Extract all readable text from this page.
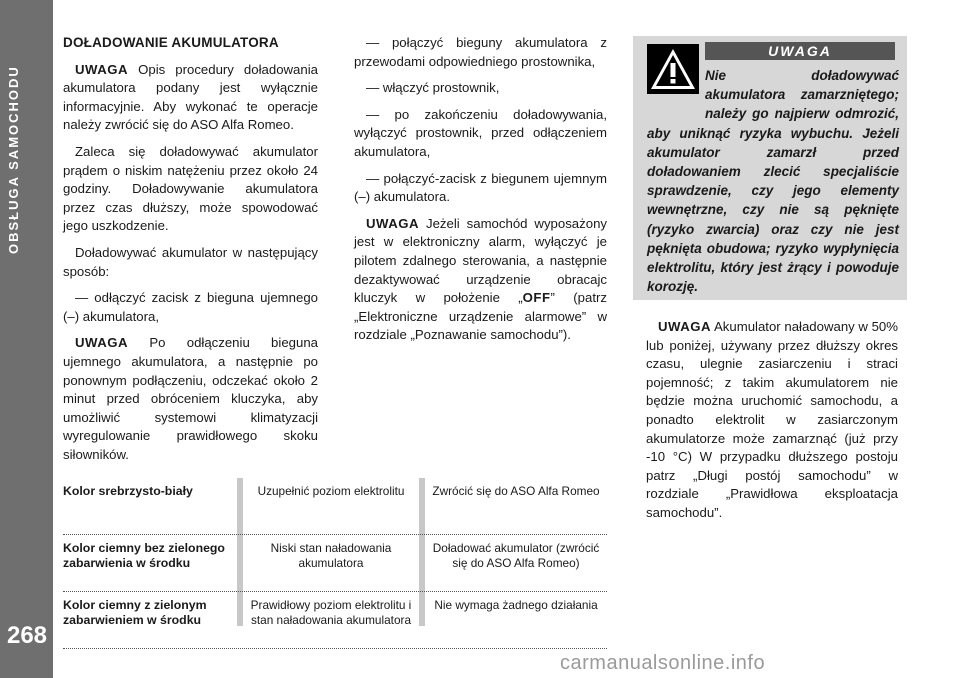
OBSŁUGA SAMOCHODU
268

DOŁADOWANIE AKUMULATORA

UWAGA Opis procedury doładowania akumulatora podany jest wyłącznie informacyjnie. Aby wykonać te operacje należy zwrócić się do ASO Alfa Romeo.

Zaleca się doładowywać akumulator prądem o niskim natężeniu przez około 24 godziny. Doładowywanie akumulatora przez czas dłuższy, może spowodować jego uszkodzenie.

Doładowywać akumulator w następujący sposób:

— odłączyć zacisk z bieguna ujemnego (–) akumulatora,

UWAGA Po odłączeniu bieguna ujemnego akumulatora, a następnie po ponownym podłączeniu, odczekać około 2 minut przed obróceniem kluczyka, aby umożliwić systemowi klimatyzacji wyregulowanie prawidłowego skoku siłowników.

— połączyć bieguny akumulatora z przewodami odpowiedniego prostownika,

— włączyć prostownik,

— po zakończeniu doładowywania, wyłączyć prostownik, przed odłączeniem akumulatora,

— połączyć-zacisk z biegunem ujemnym (–) akumulatora.

UWAGA Jeżeli samochód wyposażony jest w elektroniczny alarm, wyłączyć je pilotem zdalnego sterowania, a następnie dezaktywować urządzenie obracajc kluczyk w położenie „OFF” (patrz „Elektroniczne urządzenie alarmowe” w rozdziale „Poznawanie samochodu”).

UWAGA
Nie doładowywać akumulatora zamarzniętego; należy go najpierw odmrozić, aby uniknąć ryzyka wybuchu. Jeżeli akumulator zamarzł przed doładowaniem zlecić specjaliście sprawdzenie, czy jego elementy wewnętrzne, czy nie są pęknięte (ryzyko zwarcia) oraz czy nie jest pęknięta obudowa; ryzyko wypłynięcia elektrolitu, który jest żrący i powoduje korozję.

UWAGA Akumulator naładowany w 50% lub poniżej, używany przez dłuższy okres czasu, ulegnie zasiarczeniu i straci pojemność; z takim akumulatorem nie będzie można uruchomić samochodu, a ponadto elektrolit w zasiarczonym akumulatorze może zamarznąć (już przy -10 °C) W przypadku dłuższego postoju patrz „Długi postój samochodu” w rozdziale „Prawidłowa eksploatacja samochodu”.

Kolor srebrzysto-biały	Uzupełnić poziom elektrolitu	Zwrócić się do ASO Alfa Romeo
Kolor ciemny bez zielonego zabarwienia w środku
Niski stan naładowania akumulatora
Doładować akumulator (zwrócić się do ASO Alfa Romeo)
Kolor ciemny z zielonym zabarwieniem w środku
Prawidłowy poziom elektrolitu i stan naładowania akumulatora
Nie wymaga żadnego działania
carmanualsonline.info
